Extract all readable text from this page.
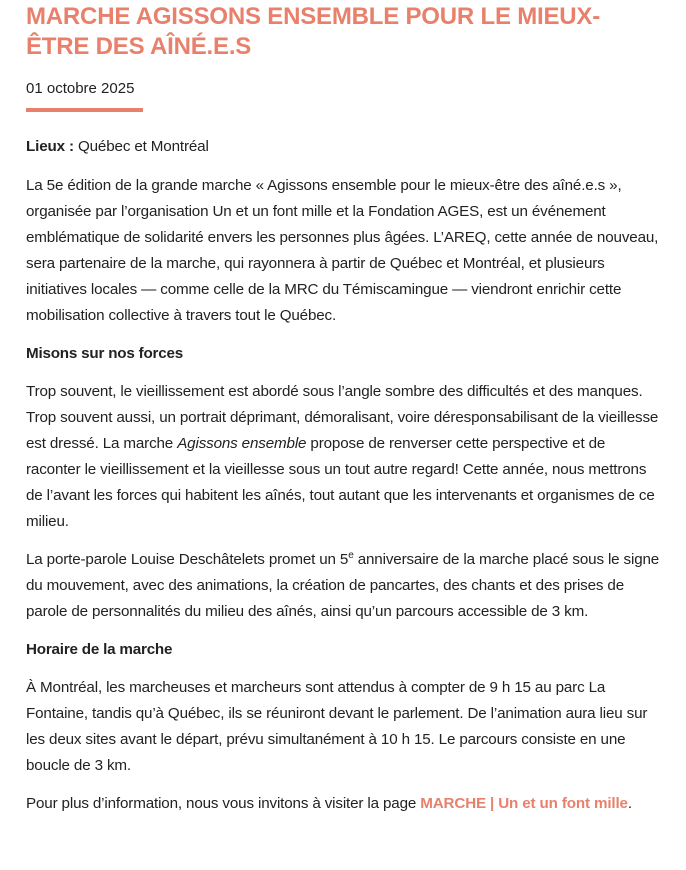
MARCHE AGISSONS ENSEMBLE POUR LE MIEUX-ÊTRE DES AÎNÉ.E.S
01 octobre 2025

Lieux : Québec et Montréal

La 5e édition de la grande marche « Agissons ensemble pour le mieux-être des aîné.e.s », organisée par l’organisation Un et un font mille et la Fondation AGES, est un événement emblématique de solidarité envers les personnes plus âgées. L’AREQ, cette année de nouveau, sera partenaire de la marche, qui rayonnera à partir de Québec et Montréal, et plusieurs initiatives locales — comme celle de la MRC du Témiscamingue — viendront enrichir cette mobilisation collective à travers tout le Québec.

Misons sur nos forces

Trop souvent, le vieillissement est abordé sous l’angle sombre des difficultés et des manques. Trop souvent aussi, un portrait déprimant, démoralisant, voire déresponsabilisant de la vieillesse est dressé. La marche Agissons ensemble propose de renverser cette perspective et de raconter le vieillissement et la vieillesse sous un tout autre regard! Cette année, nous mettrons de l’avant les forces qui habitent les aînés, tout autant que les intervenants et organismes de ce milieu.

La porte-parole Louise Deschâtelets promet un 5e anniversaire de la marche placé sous le signe du mouvement, avec des animations, la création de pancartes, des chants et des prises de parole de personnalités du milieu des aînés, ainsi qu’un parcours accessible de 3 km.

Horaire de la marche

À Montréal, les marcheuses et marcheurs sont attendus à compter de 9 h 15 au parc La Fontaine, tandis qu’à Québec, ils se réuniront devant le parlement. De l’animation aura lieu sur les deux sites avant le départ, prévu simultanément à 10 h 15. Le parcours consiste en une boucle de 3 km.

Pour plus d’information, nous vous invitons à visiter la page MARCHE | Un et un font mille.
